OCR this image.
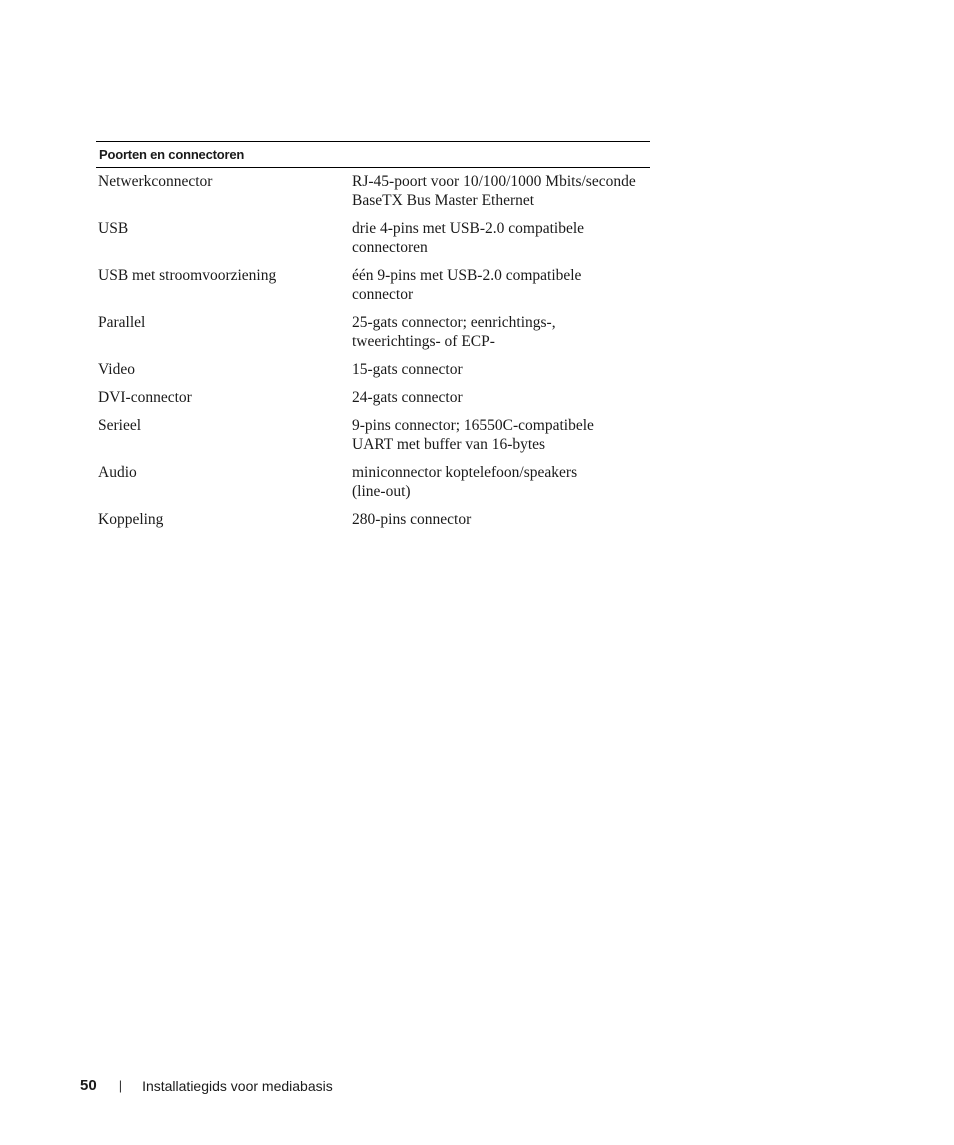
Poorten en connectoren
Netwerkconnector	RJ-45-poort voor 10/100/1000 Mbits/seconde
BaseTX Bus Master Ethernet
USB	drie 4-pins met USB-2.0 compatibele
connectoren
USB met stroomvoorziening	één 9-pins met USB-2.0 compatibele
connector
Parallel	25-gats connector; eenrichtings-,
tweerichtings- of ECP-
Video	15-gats connector
DVI-connector	24-gats connector
Serieel	9-pins connector; 16550C-compatibele
UART met buffer van 16-bytes
Audio	miniconnector koptelefoon/speakers
(line-out)
Koppeling	280-pins connector
50 | Installatiegids voor mediabasis
